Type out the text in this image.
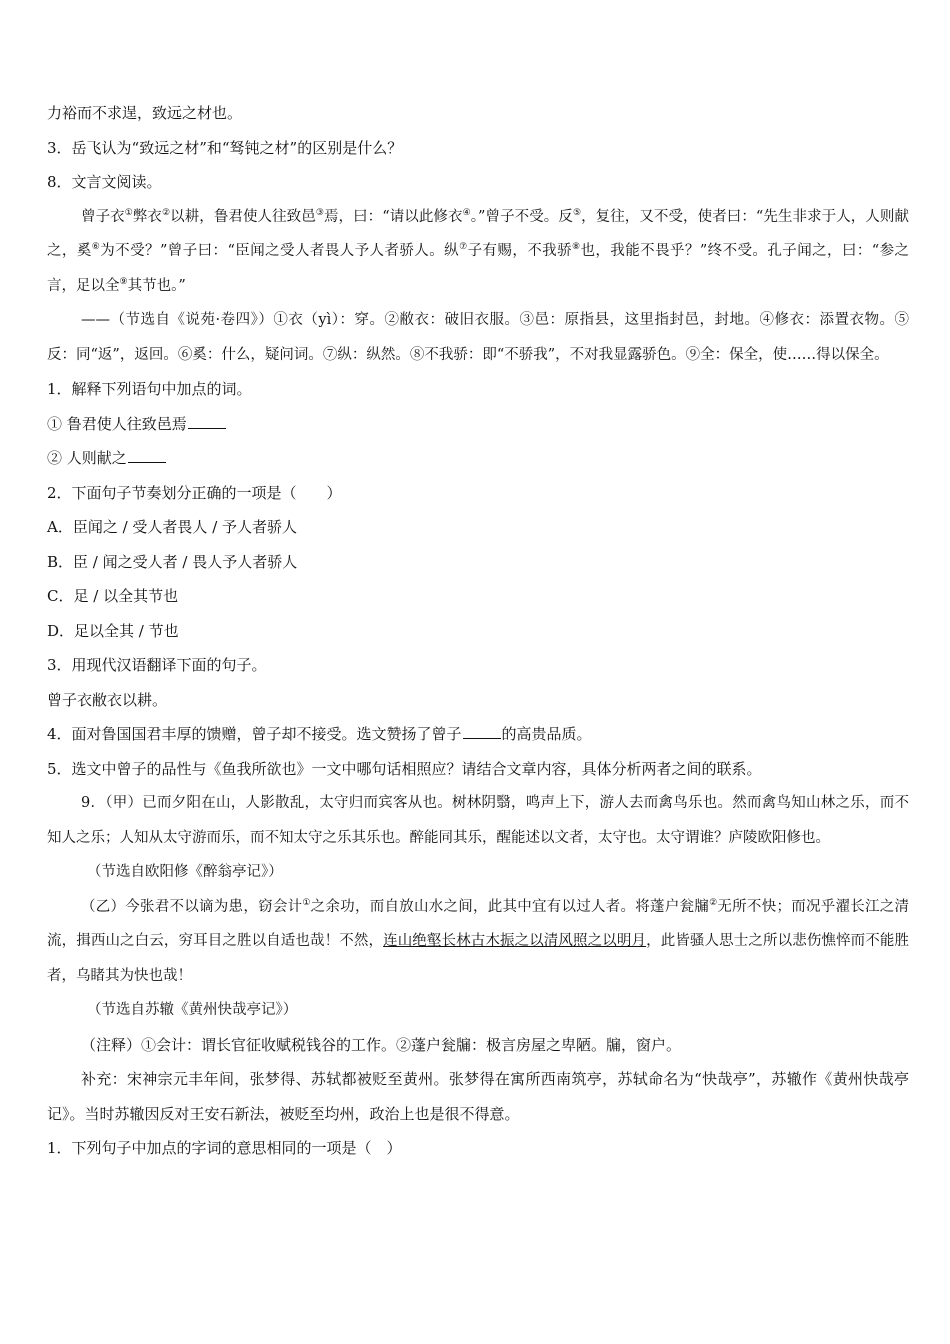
力裕而不求逞，致远之材也。

3．岳飞认为“致远之材”和“驽钝之材”的区别是什么？

8．文言文阅读。

曾子衣①弊衣②以耕，鲁君使人往致邑③焉，曰：“请以此修衣④。”曾子不受。反⑤，复往，又不受，使者曰：“先生非求于人，人则献之，奚⑥为不受？”曾子曰：“臣闻之受人者畏人予人者骄人。纵⑦子有赐，不我骄⑧也，我能不畏乎？”终不受。孔子闻之，曰：“参之言，足以全⑨其节也。”

——（节选自《说苑·卷四》）①衣（yì）：穿。②敝衣：破旧衣服。③邑：原指县，这里指封邑，封地。④修衣：添置衣物。⑤反：同“返”，返回。⑥奚：什么，疑问词。⑦纵：纵然。⑧不我骄：即“不骄我”，不对我显露骄色。⑨全：保全，使……得以保全。

1．解释下列语句中加点的词。

① 鲁君使人往致邑焉

② 人则献之

2．下面句子节奏划分正确的一项是（　　）

A．臣闻之 / 受人者畏人 / 予人者骄人

B．臣 / 闻之受人者 / 畏人予人者骄人

C．足 / 以全其节也

D．足以全其 / 节也

3．用现代汉语翻译下面的句子。

曾子衣敝衣以耕。

4．面对鲁国国君丰厚的馈赠，曾子却不接受。选文赞扬了曾子	的高贵品质。

5．选文中曾子的品性与《鱼我所欲也》一文中哪句话相照应？请结合文章内容，具体分析两者之间的联系。

9．（甲）已而夕阳在山，人影散乱，太守归而宾客从也。树林阴翳，鸣声上下，游人去而禽鸟乐也。然而禽鸟知山林之乐，而不知人之乐；人知从太守游而乐，而不知太守之乐其乐也。醉能同其乐，醒能述以文者，太守也。太守谓谁？庐陵欧阳修也。

（节选自欧阳修《醉翁亭记》）

（乙）今张君不以谪为患，窃会计①之余功，而自放山水之间，此其中宜有以过人者。将蓬户瓮牖②无所不快；而况乎濯长江之清流，揖西山之白云，穷耳目之胜以自适也哉！不然，连山绝壑长林古木振之以清风照之以明月，此皆骚人思士之所以悲伤憔悴而不能胜者，乌睹其为快也哉！

（节选自苏辙《黄州快哉亭记》）

（注释）①会计：谓长官征收赋税钱谷的工作。②蓬户瓮牖：极言房屋之卑陋。牖，窗户。

补充：宋神宗元丰年间，张梦得、苏轼都被贬至黄州。张梦得在寓所西南筑亭，苏轼命名为“快哉亭”，苏辙作《黄州快哉亭记》。当时苏辙因反对王安石新法，被贬至均州，政治上也是很不得意。

1．下列句子中加点的字词的意思相同的一项是（　）
